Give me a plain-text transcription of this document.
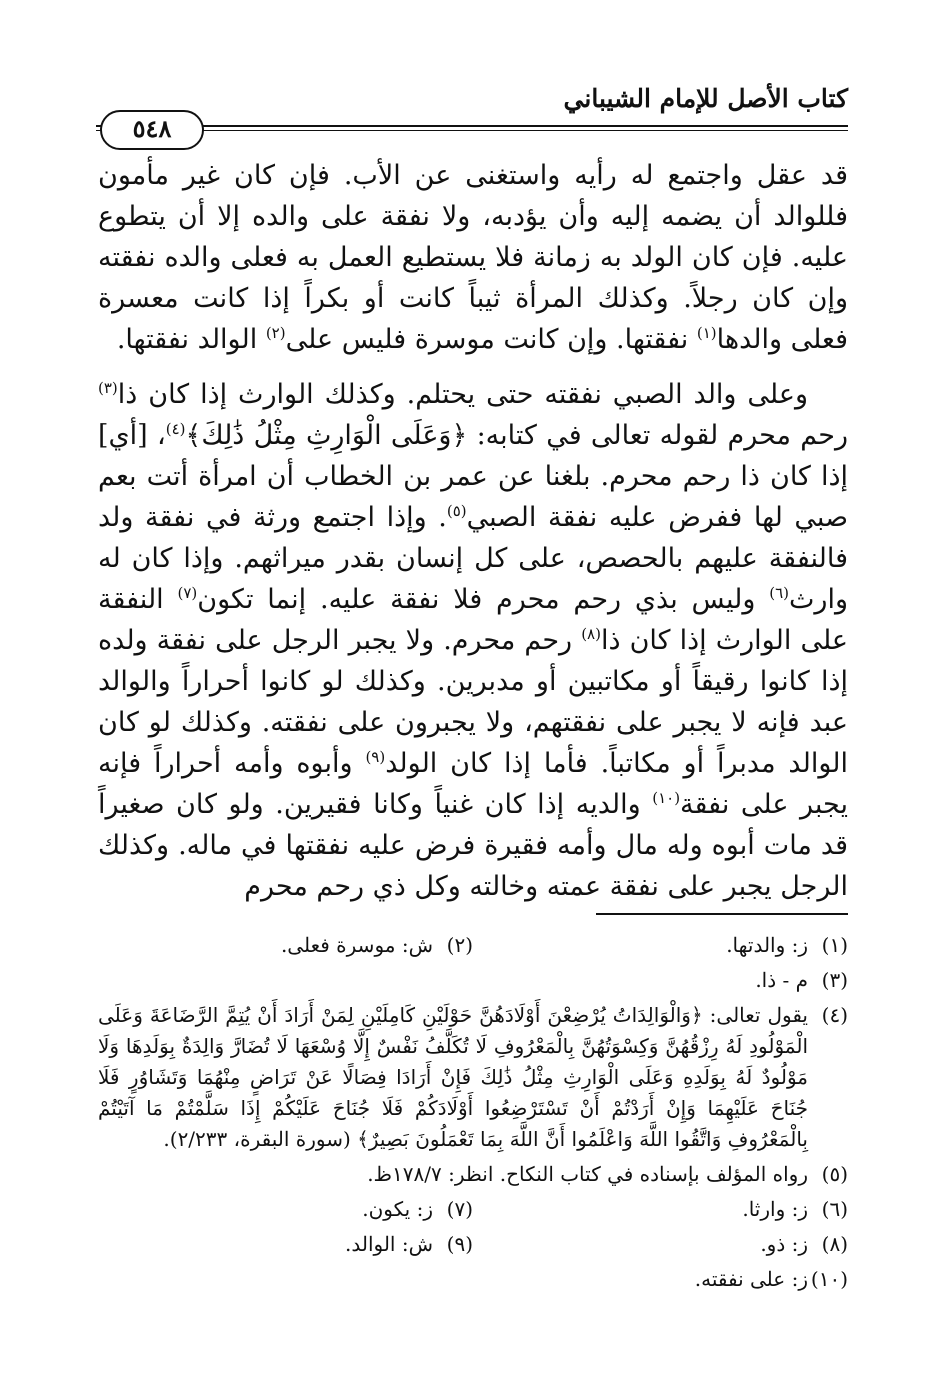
كتاب الأصل للإمام الشيباني
٥٤٨

قد عقل واجتمع له رأيه واستغنى عن الأب. فإن كان غير مأمون فللوالد أن يضمه إليه وأن يؤدبه، ولا نفقة على والده إلا أن يتطوع عليه. فإن كان الولد به زمانة فلا يستطيع العمل به فعلى والده نفقته وإن كان رجلاً. وكذلك المرأة ثيباً كانت أو بكراً إذا كانت معسرة فعلى والدها$^{(١)}$ نفقتها. وإن كانت موسرة فليس على$^{(٢)}$ الوالد نفقتها.

وعلى والد الصبي نفقته حتى يحتلم. وكذلك الوارث إذا كان ذا$^{(٣)}$ رحم محرم لقوله تعالى في كتابه: ﴿وَعَلَى الْوَارِثِ مِثْلُ ذَٰلِكَ﴾$^{(٤)}$، [أي] إذا كان ذا رحم محرم. بلغنا عن عمر بن الخطاب أن امرأة أتت بعم صبي لها ففرض عليه نفقة الصبي$^{(٥)}$. وإذا اجتمع ورثة في نفقة ولد فالنفقة عليهم بالحصص، على كل إنسان بقدر ميراثهم. وإذا كان له وارث$^{(٦)}$ وليس بذي رحم محرم فلا نفقة عليه. إنما تكون$^{(٧)}$ النفقة على الوارث إذا كان ذا$^{(٨)}$ رحم محرم. ولا يجبر الرجل على نفقة ولده إذا كانوا رقيقاً أو مكاتبين أو مدبرين. وكذلك لو كانوا أحراراً والوالد عبد فإنه لا يجبر على نفقتهم، ولا يجبرون على نفقته. وكذلك لو كان الوالد مدبراً أو مكاتباً. فأما إذا كان الولد$^{(٩)}$ وأبوه وأمه أحراراً فإنه يجبر على نفقة$^{(١٠)}$ والديه إذا كان غنياً وكانا فقيرين. ولو كان صغيراً قد مات أبوه وله مال وأمه فقيرة فرض عليه نفقتها في ماله. وكذلك الرجل يجبر على نفقة عمته وخالته وكل ذي رحم محرم

(١)
ز: والدتها.
(٢)
ش: موسرة فعلى.
(٣)
م - ذا.
(٤)
يقول تعالى: ﴿وَالْوَالِدَاتُ يُرْضِعْنَ أَوْلَادَهُنَّ حَوْلَيْنِ كَامِلَيْنِ لِمَنْ أَرَادَ أَنْ يُتِمَّ الرَّضَاعَةَ وَعَلَى الْمَوْلُودِ لَهُ رِزْقُهُنَّ وَكِسْوَتُهُنَّ بِالْمَعْرُوفِ لَا تُكَلَّفُ نَفْسٌ إِلَّا وُسْعَهَا لَا تُضَارَّ وَالِدَةٌ بِوَلَدِهَا وَلَا مَوْلُودٌ لَهُ بِوَلَدِهِ وَعَلَى الْوَارِثِ مِثْلُ ذَٰلِكَ فَإِنْ أَرَادَا فِصَالًا عَنْ تَرَاضٍ مِنْهُمَا وَتَشَاوُرٍ فَلَا جُنَاحَ عَلَيْهِمَا وَإِنْ أَرَدْتُمْ أَنْ تَسْتَرْضِعُوا أَوْلَادَكُمْ فَلَا جُنَاحَ عَلَيْكُمْ إِذَا سَلَّمْتُمْ مَا آتَيْتُمْ بِالْمَعْرُوفِ وَاتَّقُوا اللَّهَ وَاعْلَمُوا أَنَّ اللَّهَ بِمَا تَعْمَلُونَ بَصِيرٌ﴾ (سورة البقرة، ٢/٢٣٣).
(٥)
رواه المؤلف بإسناده في كتاب النكاح. انظر: ١٧٨/٧ظ.
(٦)
ز: وارثا.
(٧)
ز: يكون.
(٨)
ز: ذو.
(٩)
ش: الوالد.
(١٠)
ز: على نفقته.
